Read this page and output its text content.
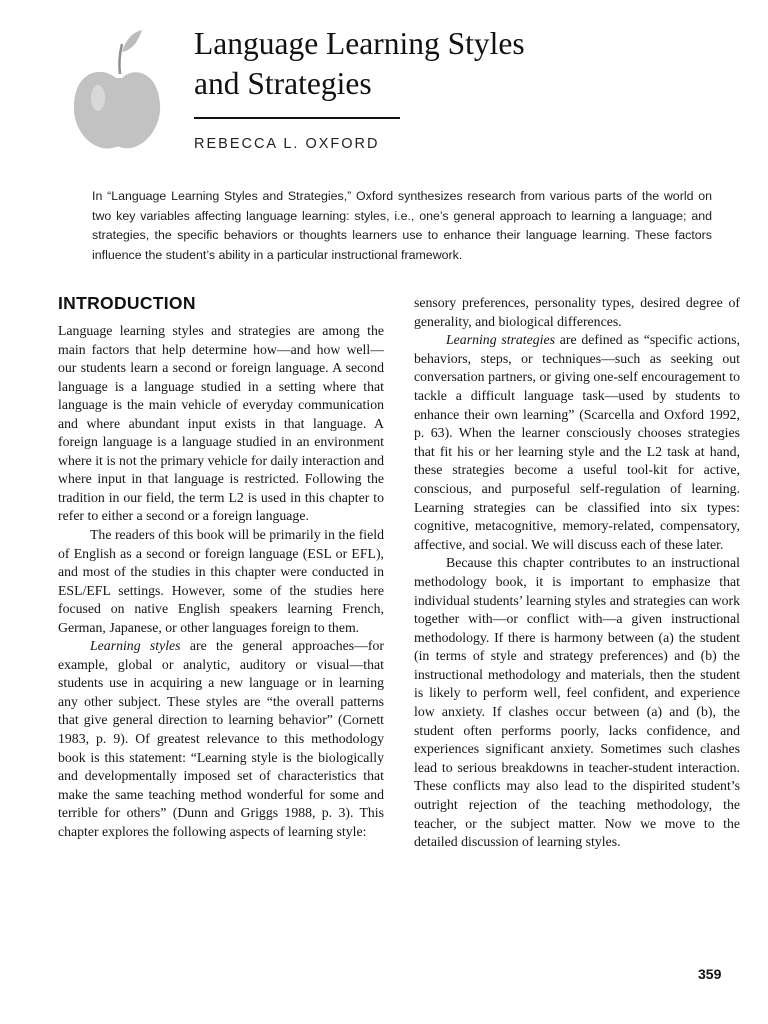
Language Learning Styles
and Strategies
REBECCA L. OXFORD

In “Language Learning Styles and Strategies,” Oxford synthesizes research from various parts of the world on two key variables affecting language learning: styles, i.e., one’s general approach to learning a language; and strategies, the specific behaviors or thoughts learners use to enhance their language learning. These factors influence the student’s ability in a particular instructional framework.

INTRODUCTION

Language learning styles and strategies are among the main factors that help determine how—and how well—our students learn a second or foreign language. A second language is a language studied in a setting where that language is the main vehicle of everyday communication and where abundant input exists in that language. A foreign language is a language studied in an environment where it is not the primary vehicle for daily interaction and where input in that language is restricted. Following the tradition in our field, the term L2 is used in this chapter to refer to either a second or a foreign language.

The readers of this book will be primarily in the field of English as a second or foreign language (ESL or EFL), and most of the studies in this chapter were conducted in ESL/EFL settings. However, some of the studies here focused on native English speakers learning French, German, Japanese, or other languages foreign to them.

Learning styles are the general approaches—for example, global or analytic, auditory or visual—that students use in acquiring a new language or in learning any other subject. These styles are “the overall patterns that give general direction to learning behavior” (Cornett 1983, p. 9). Of greatest relevance to this methodology book is this statement: “Learning style is the biologically and developmentally imposed set of characteristics that make the same teaching method wonderful for some and terrible for others” (Dunn and Griggs 1988, p. 3). This chapter explores the following aspects of learning style:

sensory preferences, personality types, desired degree of generality, and biological differences.

Learning strategies are defined as “specific actions, behaviors, steps, or techniques—such as seeking out conversation partners, or giving one-self encouragement to tackle a difficult language task—used by students to enhance their own learning” (Scarcella and Oxford 1992, p. 63). When the learner consciously chooses strategies that fit his or her learning style and the L2 task at hand, these strategies become a useful tool-kit for active, conscious, and purposeful self-regulation of learning. Learning strategies can be classified into six types: cognitive, metacognitive, memory-related, compensatory, affective, and social. We will discuss each of these later.

Because this chapter contributes to an instructional methodology book, it is important to emphasize that individual students’ learning styles and strategies can work together with—or conflict with—a given instructional methodology. If there is harmony between (a) the student (in terms of style and strategy preferences) and (b) the instructional methodology and materials, then the student is likely to perform well, feel confident, and experience low anxiety. If clashes occur between (a) and (b), the student often performs poorly, lacks confidence, and experiences significant anxiety. Sometimes such clashes lead to serious breakdowns in teacher-student interaction. These conflicts may also lead to the dispirited student’s outright rejection of the teaching methodology, the teacher, or the subject matter. Now we move to the detailed discussion of learning styles.

359
